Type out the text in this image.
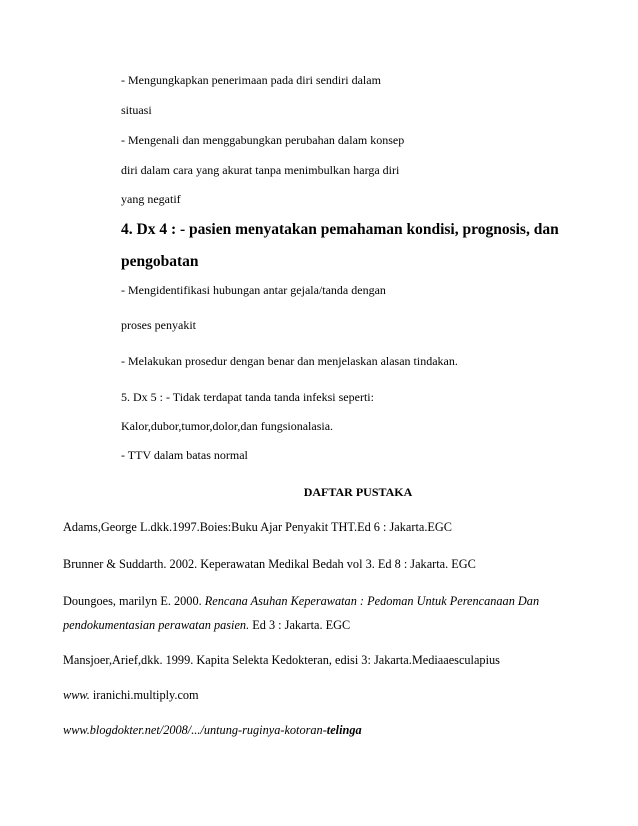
- Mengungkapkan penerimaan pada diri sendiri dalam
situasi
- Mengenali dan menggabungkan perubahan dalam konsep
diri dalam cara yang akurat tanpa menimbulkan harga diri
yang negatif
4. Dx 4 : - pasien menyatakan pemahaman kondisi, prognosis, dan
pengobatan
- Mengidentifikasi hubungan antar gejala/tanda dengan
proses penyakit
- Melakukan prosedur dengan benar dan menjelaskan alasan tindakan.
5. Dx 5 : - Tidak terdapat tanda tanda infeksi seperti:
Kalor,dubor,tumor,dolor,dan fungsionalasia.
- TTV dalam batas normal
DAFTAR PUSTAKA
Adams,George L.dkk.1997.Boies:Buku Ajar Penyakit THT.Ed 6 : Jakarta.EGC
Brunner & Suddarth. 2002. Keperawatan Medikal Bedah vol 3. Ed 8 : Jakarta. EGC
Doungoes, marilyn E. 2000. Rencana Asuhan Keperawatan : Pedoman Untuk Perencanaan Dan
pendokumentasian perawatan pasien. Ed 3 : Jakarta. EGC
Mansjoer,Arief,dkk. 1999. Kapita Selekta Kedokteran, edisi 3: Jakarta.Mediaaesculapius
www. iranichi.multiply.com
www.blogdokter.net/2008/.../untung-ruginya-kotoran-telinga
